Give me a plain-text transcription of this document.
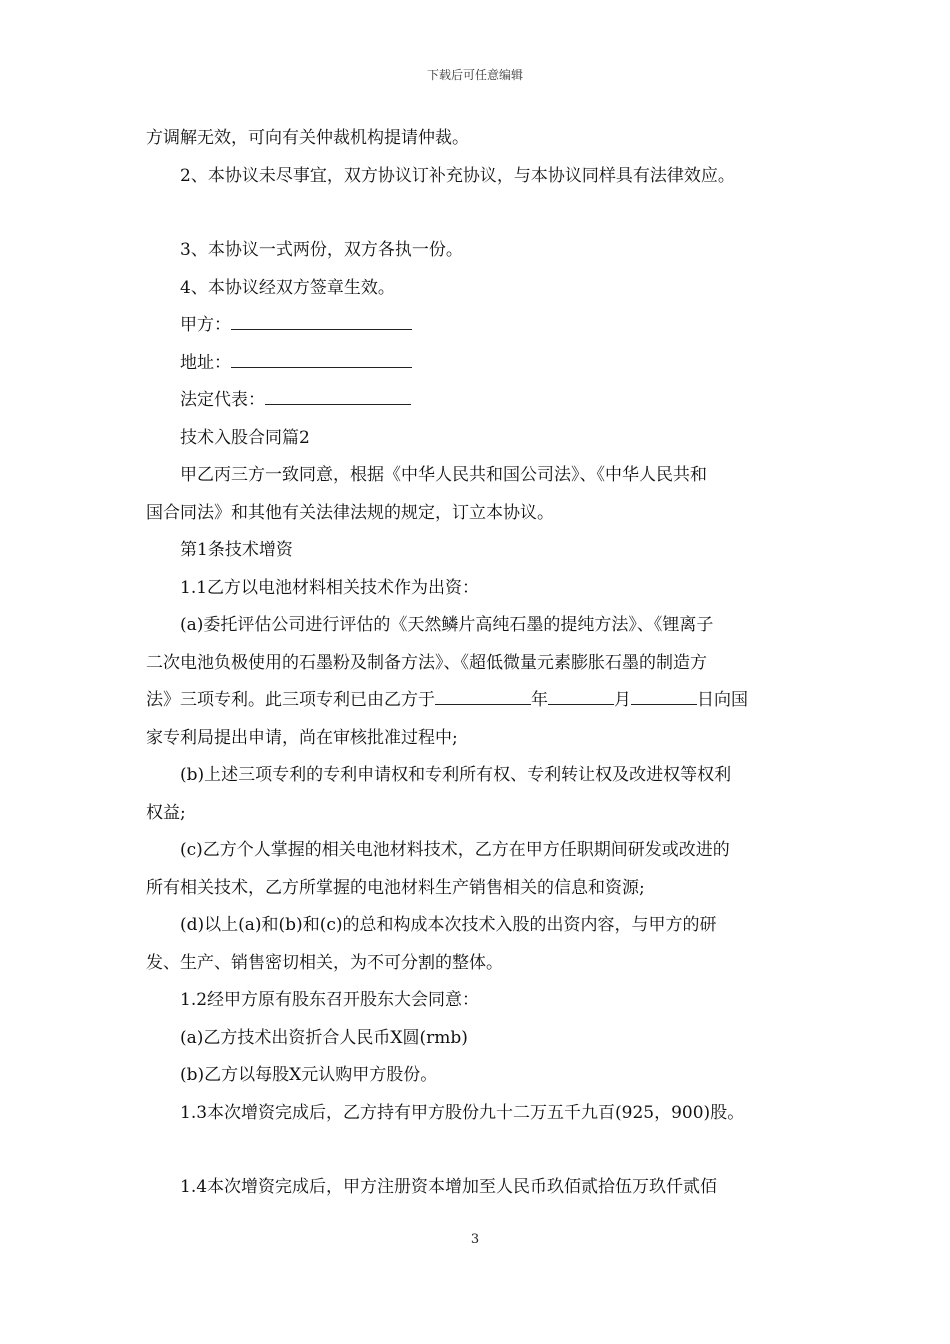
下载后可任意编辑

方调解无效，可向有关仲裁机构提请仲裁。

2、本协议未尽事宜，双方协议订补充协议，与本协议同样具有法律效应。

3、本协议一式两份，双方各执一份。

4、本协议经双方签章生效。

甲方：

地址：

法定代表：

技术入股合同篇2

甲乙丙三方一致同意，根据《中华人民共和国公司法》、《中华人民共和

国合同法》和其他有关法律法规的规定，订立本协议。

第1条技术增资

1.1乙方以电池材料相关技术作为出资：

(a)委托评估公司进行评估的《天然鳞片高纯石墨的提纯方法》、《锂离子

二次电池负极使用的石墨粉及制备方法》、《超低微量元素膨胀石墨的制造方

法》三项专利。此三项专利已由乙方于	年	月	日向国

家专利局提出申请，尚在审核批准过程中;

(b)上述三项专利的专利申请权和专利所有权、专利转让权及改进权等权利

权益;

(c)乙方个人掌握的相关电池材料技术，乙方在甲方任职期间研发或改进的

所有相关技术，乙方所掌握的电池材料生产销售相关的信息和资源;

(d)以上(a)和(b)和(c)的总和构成本次技术入股的出资内容，与甲方的研

发、生产、销售密切相关，为不可分割的整体。

1.2经甲方原有股东召开股东大会同意：

(a)乙方技术出资折合人民币X圆(rmb)

(b)乙方以每股X元认购甲方股份。

1.3本次增资完成后，乙方持有甲方股份九十二万五千九百(925，900)股。

1.4本次增资完成后，甲方注册资本增加至人民币玖佰贰拾伍万玖仟贰佰

3
